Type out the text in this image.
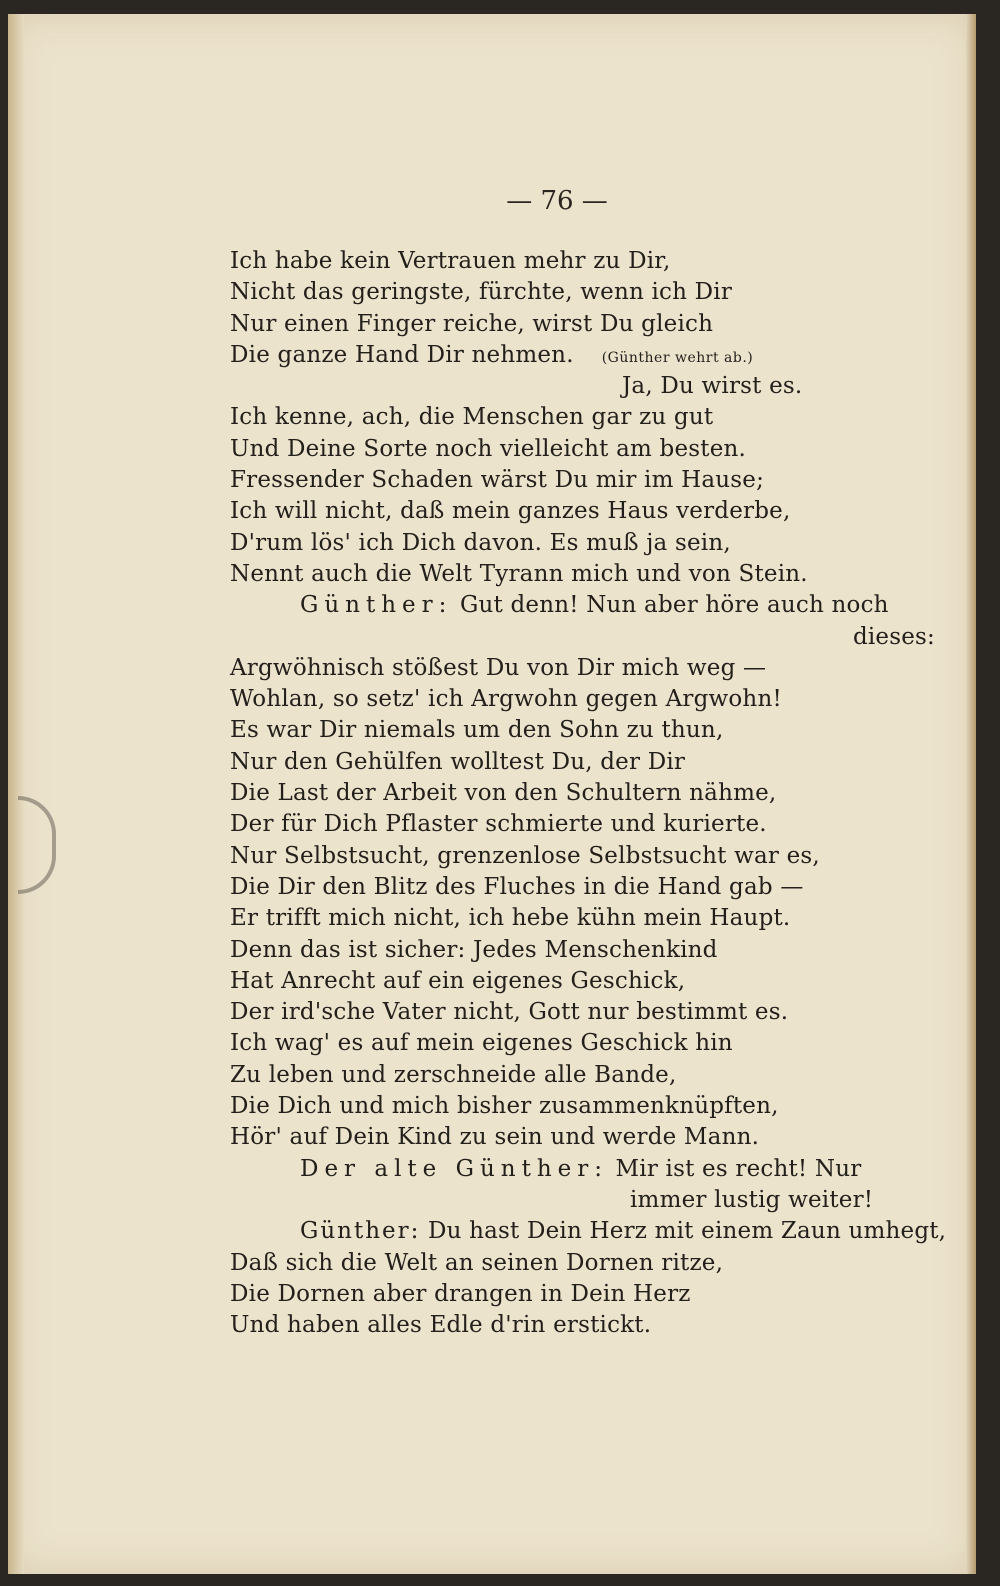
— 76 —
Ich habe kein Vertrauen mehr zu Dir,
Nicht das geringste, fürchte, wenn ich Dir
Nur einen Finger reiche, wirst Du gleich
Die ganze Hand Dir nehmen. (Günther wehrt ab.)
Ja, Du wirst es.
Ich kenne, ach, die Menschen gar zu gut
Und Deine Sorte noch vielleicht am besten.
Fressender Schaden wärst Du mir im Hause;
Ich will nicht, daß mein ganzes Haus verderbe,
D'rum lös' ich Dich davon. Es muß ja sein,
Nennt auch die Welt Tyrann mich und von Stein.
Günther: Gut denn! Nun aber höre auch noch
dieses:
Argwöhnisch stößest Du von Dir mich weg —
Wohlan, so setz' ich Argwohn gegen Argwohn!
Es war Dir niemals um den Sohn zu thun,
Nur den Gehülfen wolltest Du, der Dir
Die Last der Arbeit von den Schultern nähme,
Der für Dich Pflaster schmierte und kurierte.
Nur Selbstsucht, grenzenlose Selbstsucht war es,
Die Dir den Blitz des Fluches in die Hand gab —
Er trifft mich nicht, ich hebe kühn mein Haupt.
Denn das ist sicher: Jedes Menschenkind
Hat Anrecht auf ein eigenes Geschick,
Der ird'sche Vater nicht, Gott nur bestimmt es.
Ich wag' es auf mein eigenes Geschick hin
Zu leben und zerschneide alle Bande,
Die Dich und mich bisher zusammenknüpften,
Hör' auf Dein Kind zu sein und werde Mann.
Der alte Günther: Mir ist es recht! Nur
immer lustig weiter!
Günther: Du hast Dein Herz mit einem Zaun umhegt,
Daß sich die Welt an seinen Dornen ritze,
Die Dornen aber drangen in Dein Herz
Und haben alles Edle d'rin erstickt.
